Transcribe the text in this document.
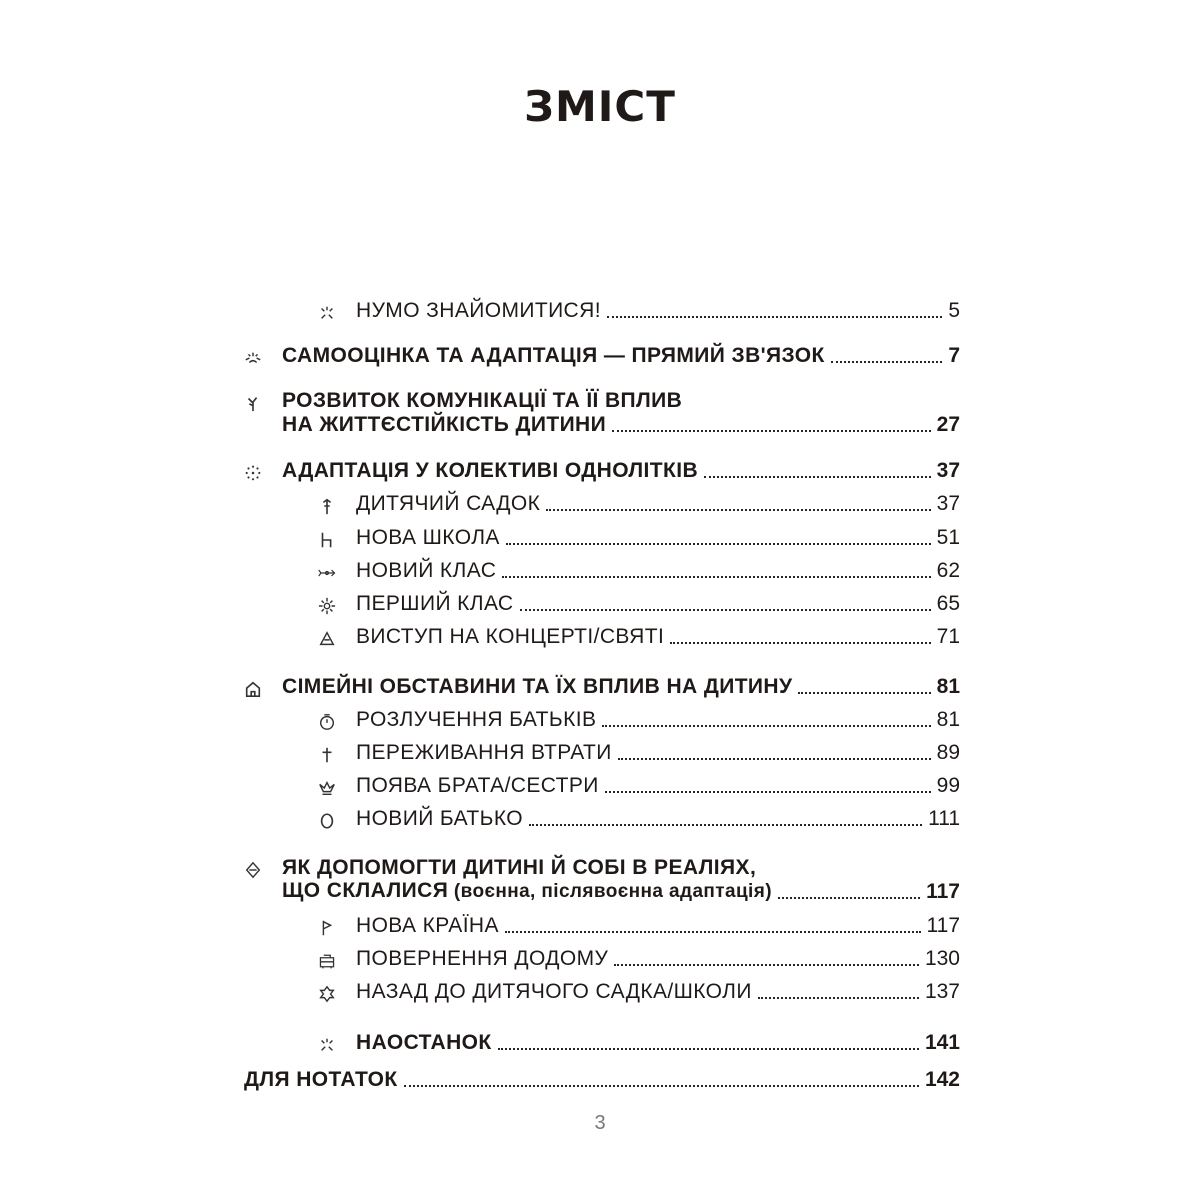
ЗМІСТ
НУМО ЗНАЙОМИТИСЯ!	5
САМООЦІНКА ТА АДАПТАЦІЯ — ПРЯМИЙ ЗВ'ЯЗОК	7
РОЗВИТОК КОМУНІКАЦІЇ ТА ЇЇ ВПЛИВ
НА ЖИТТЄСТІЙКІСТЬ ДИТИНИ	27
АДАПТАЦІЯ У КОЛЕКТИВІ ОДНОЛІТКІВ	37
ДИТЯЧИЙ САДОК	37
НОВА ШКОЛА	51
НОВИЙ КЛАС	62
ПЕРШИЙ КЛАС	65
ВИСТУП НА КОНЦЕРТІ/СВЯТІ	71
СІМЕЙНІ ОБСТАВИНИ ТА ЇХ ВПЛИВ НА ДИТИНУ	81
РОЗЛУЧЕННЯ БАТЬКІВ	81
ПЕРЕЖИВАННЯ ВТРАТИ	89
ПОЯВА БРАТА/СЕСТРИ	99
НОВИЙ БАТЬКО	111
ЯК ДОПОМОГТИ ДИТИНІ Й СОБІ В РЕАЛІЯХ,
ЩО СКЛАЛИСЯ (воєнна, післявоєнна адаптація)	117
НОВА КРАЇНА	117
ПОВЕРНЕННЯ ДОДОМУ	130
НАЗАД ДО ДИТЯЧОГО САДКА/ШКОЛИ	137
НАОСТАНОК	141
ДЛЯ НОТАТОК	142
3
